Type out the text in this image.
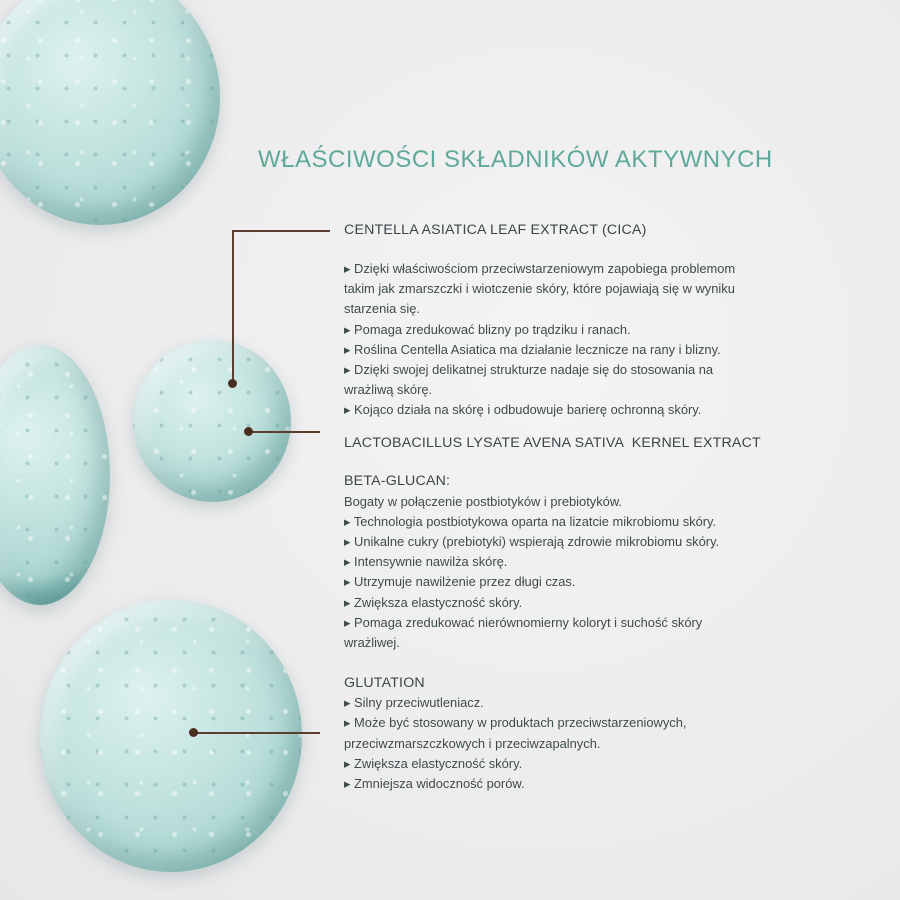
WŁAŚCIWOŚCI SKŁADNIKÓW AKTYWNYCH

CENTELLA ASIATICA LEAF EXTRACT (CICA)

▸ Dzięki właściwościom przeciwstarzeniowym zapobiega problemom
takim jak zmarszczki i wiotczenie skóry, które pojawiają się w wyniku
starzenia się.
▸ Pomaga zredukować blizny po trądziku i ranach.
▸ Roślina Centella Asiatica ma działanie lecznicze na rany i blizny.
▸ Dzięki swojej delikatnej strukturze nadaje się do stosowania na
wrażliwą skórę.
▸ Kojąco działa na skórę i odbudowuje barierę ochronną skóry.

LACTOBACILLUS LYSATE AVENA SATIVA  KERNEL EXTRACT

BETA-GLUCAN:

Bogaty w połączenie postbiotyków i prebiotyków.
▸ Technologia postbiotykowa oparta na lizatcie mikrobiomu skóry.
▸ Unikalne cukry (prebiotyki) wspierają zdrowie mikrobiomu skóry.
▸ Intensywnie nawilża skórę.
▸ Utrzymuje nawilżenie przez długi czas.
▸ Zwiększa elastyczność skóry.
▸ Pomaga zredukować nierównomierny koloryt i suchość skóry
wrażliwej.

GLUTATION

▸ Silny przeciwutleniacz.
▸ Może być stosowany w produktach przeciwstarzeniowych,
przeciwzmarszczkowych i przeciwzapalnych.
▸ Zwiększa elastyczność skóry.
▸ Zmniejsza widoczność porów.
